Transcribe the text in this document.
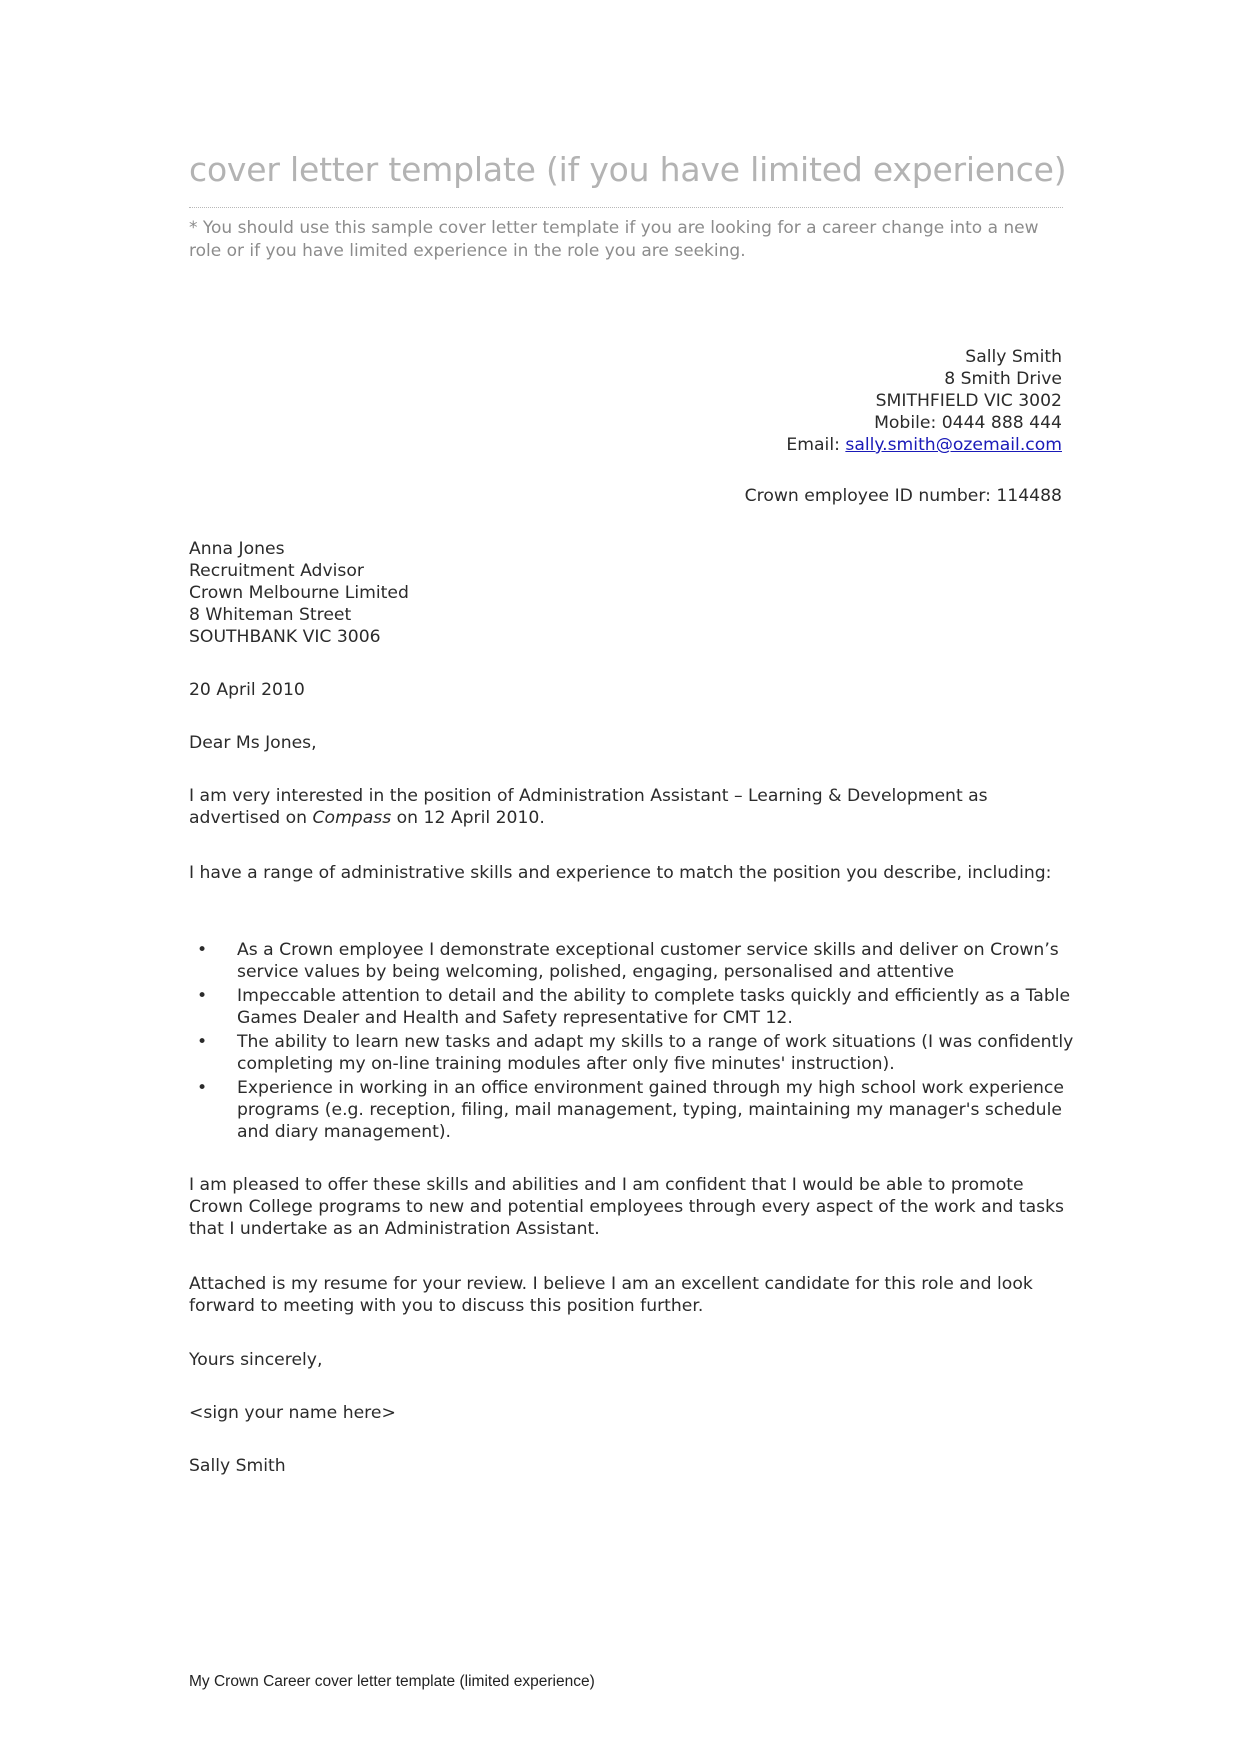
cover letter template (if you have limited experience)
* You should use this sample cover letter template if you are looking for a career change into a new role or if you have limited experience in the role you are seeking.
Sally Smith
8 Smith Drive
SMITHFIELD VIC 3002
Mobile: 0444 888 444
Email: sally.smith@ozemail.com
Crown employee ID number: 114488
Anna Jones
Recruitment Advisor
Crown Melbourne Limited
8 Whiteman Street
SOUTHBANK VIC 3006
20 April 2010
Dear Ms Jones,
I am very interested in the position of Administration Assistant – Learning & Development as advertised on Compass on 12 April 2010.
I have a range of administrative skills and experience to match the position you describe, including:
• As a Crown employee I demonstrate exceptional customer service skills and deliver on Crown’s service values by being welcoming, polished, engaging, personalised and attentive
• Impeccable attention to detail and the ability to complete tasks quickly and efficiently as a Table Games Dealer and Health and Safety representative for CMT 12.
• The ability to learn new tasks and adapt my skills to a range of work situations (I was confidently completing my on-line training modules after only five minutes' instruction).
• Experience in working in an office environment gained through my high school work experience programs (e.g. reception, filing, mail management, typing, maintaining my manager's schedule and diary management).
I am pleased to offer these skills and abilities and I am confident that I would be able to promote Crown College programs to new and potential employees through every aspect of the work and tasks that I undertake as an Administration Assistant.
Attached is my resume for your review. I believe I am an excellent candidate for this role and look forward to meeting with you to discuss this position further.
Yours sincerely,
<sign your name here>
Sally Smith
My Crown Career cover letter template (limited experience)
